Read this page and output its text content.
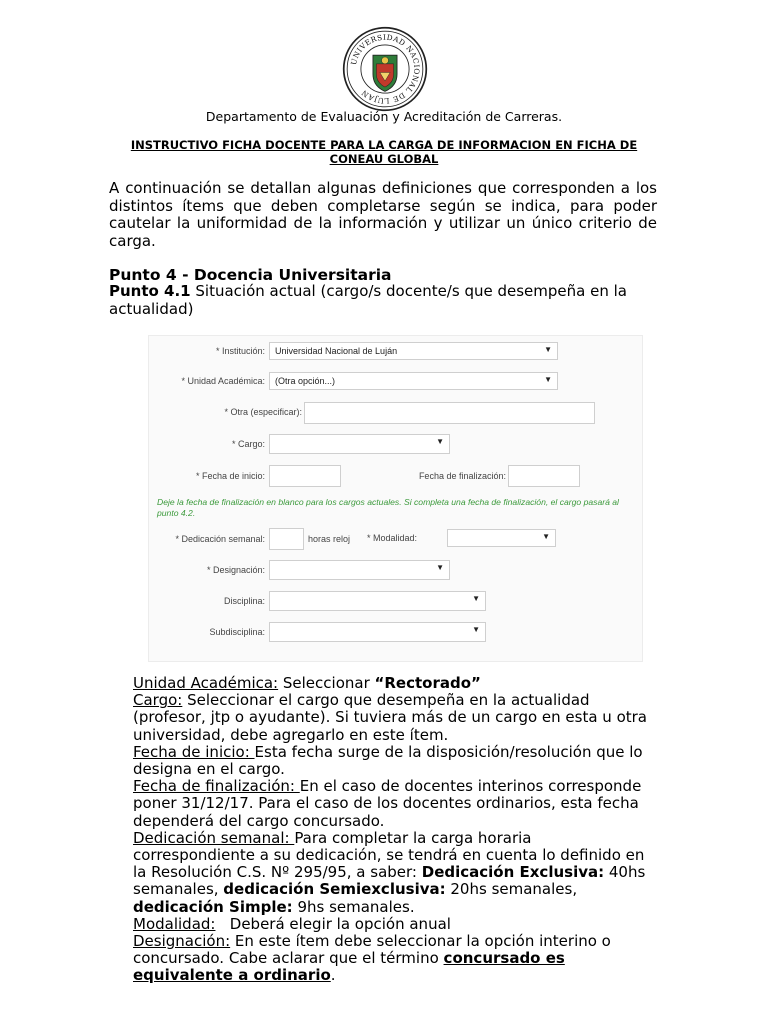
UNIVERSIDAD NACIONAL DE LUJAN
Departamento de Evaluación y Acreditación de Carreras.
INSTRUCTIVO FICHA DOCENTE PARA LA CARGA DE INFORMACION EN FICHA DE CONEAU GLOBAL
A continuación se detallan algunas definiciones que corresponden a los distintos ítems que deben completarse según se indica, para poder cautelar la uniformidad de la información y utilizar un único criterio de carga.
Punto 4 - Docencia Universitaria
Punto 4.1 Situación actual (cargo/s docente/s que desempeña en la actualidad)
* Institución:	Universidad Nacional de Luján	▼
* Unidad Académica:	(Otra opción...)	▼
* Otra (especificar):
* Cargo:	▼
* Fecha de inicio:	Fecha de finalización:
Deje la fecha de finalización en blanco para los cargos actuales. Si completa una fecha de finalización, el cargo pasará al punto 4.2.
* Dedicación semanal:	horas reloj * Modalidad:	▼
* Designación:	▼
Disciplina:	▼
Subdisciplina:	▼
Unidad Académica: Seleccionar “Rectorado”
Cargo: Seleccionar el cargo que desempeña en la actualidad (profesor, jtp o ayudante). Si tuviera más de un cargo en esta u otra universidad, debe agregarlo en este ítem.
Fecha de inicio: Esta fecha surge de la disposición/resolución que lo designa en el cargo.
Fecha de finalización: En el caso de docentes interinos corresponde poner 31/12/17. Para el caso de los docentes ordinarios, esta fecha dependerá del cargo concursado.
Dedicación semanal: Para completar la carga horaria correspondiente a su dedicación, se tendrá en cuenta lo definido en la Resolución C.S. Nº 295/95, a saber: Dedicación Exclusiva: 40hs semanales, dedicación Semiexclusiva: 20hs semanales, dedicación Simple: 9hs semanales.
Modalidad:   Deberá elegir la opción anual
Designación: En este ítem debe seleccionar la opción interino o concursado. Cabe aclarar que el término concursado es equivalente a ordinario.
